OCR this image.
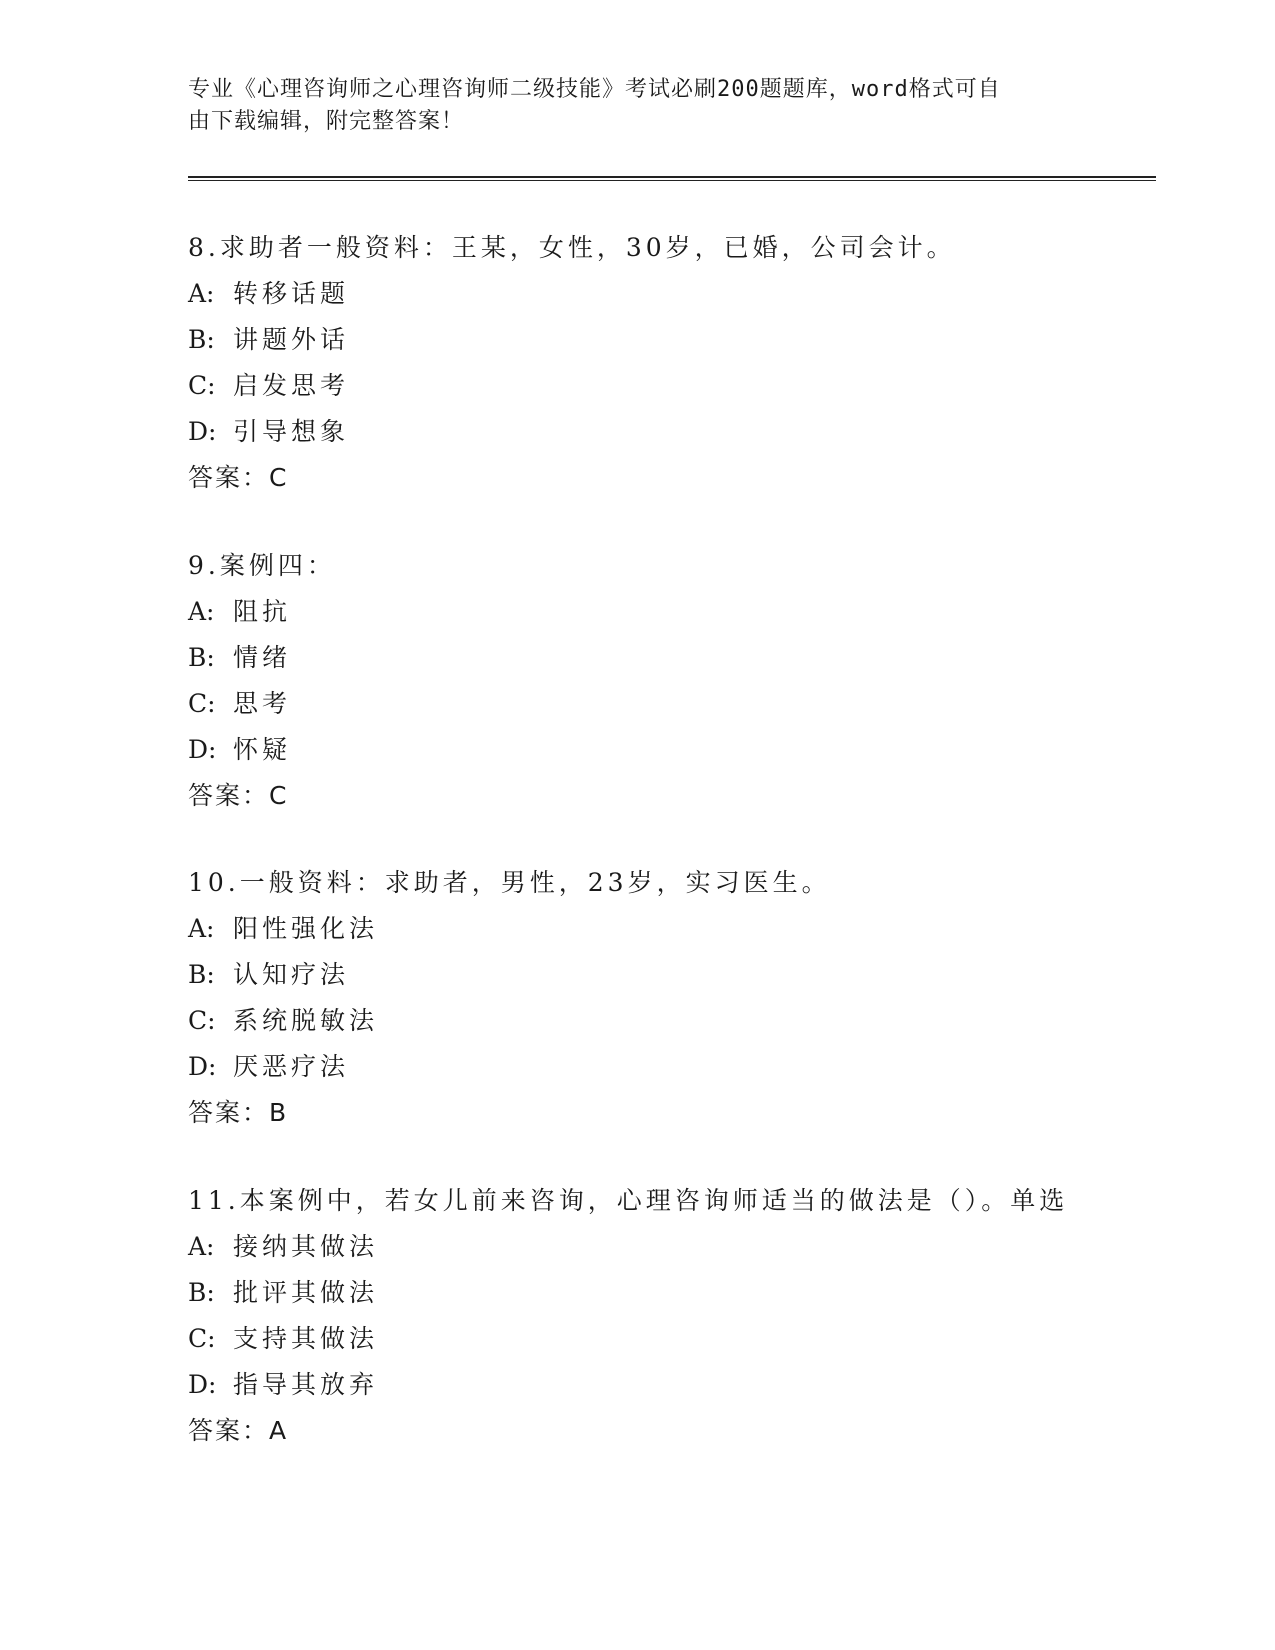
专业《心理咨询师之心理咨询师二级技能》考试必刷200题题库，word格式可自
由下载编辑，附完整答案！
8.求助者一般资料：王某，女性，30岁，已婚，公司会计。
A: 转移话题
B: 讲题外话
C: 启发思考
D: 引导想象
答案：C
9.案例四：
A: 阻抗
B: 情绪
C: 思考
D: 怀疑
答案：C
10.一般资料：求助者，男性，23岁，实习医生。
A: 阳性强化法
B: 认知疗法
C: 系统脱敏法
D: 厌恶疗法
答案：B
11.本案例中，若女儿前来咨询，心理咨询师适当的做法是（）。单选
A: 接纳其做法
B: 批评其做法
C: 支持其做法
D: 指导其放弃
答案：A
